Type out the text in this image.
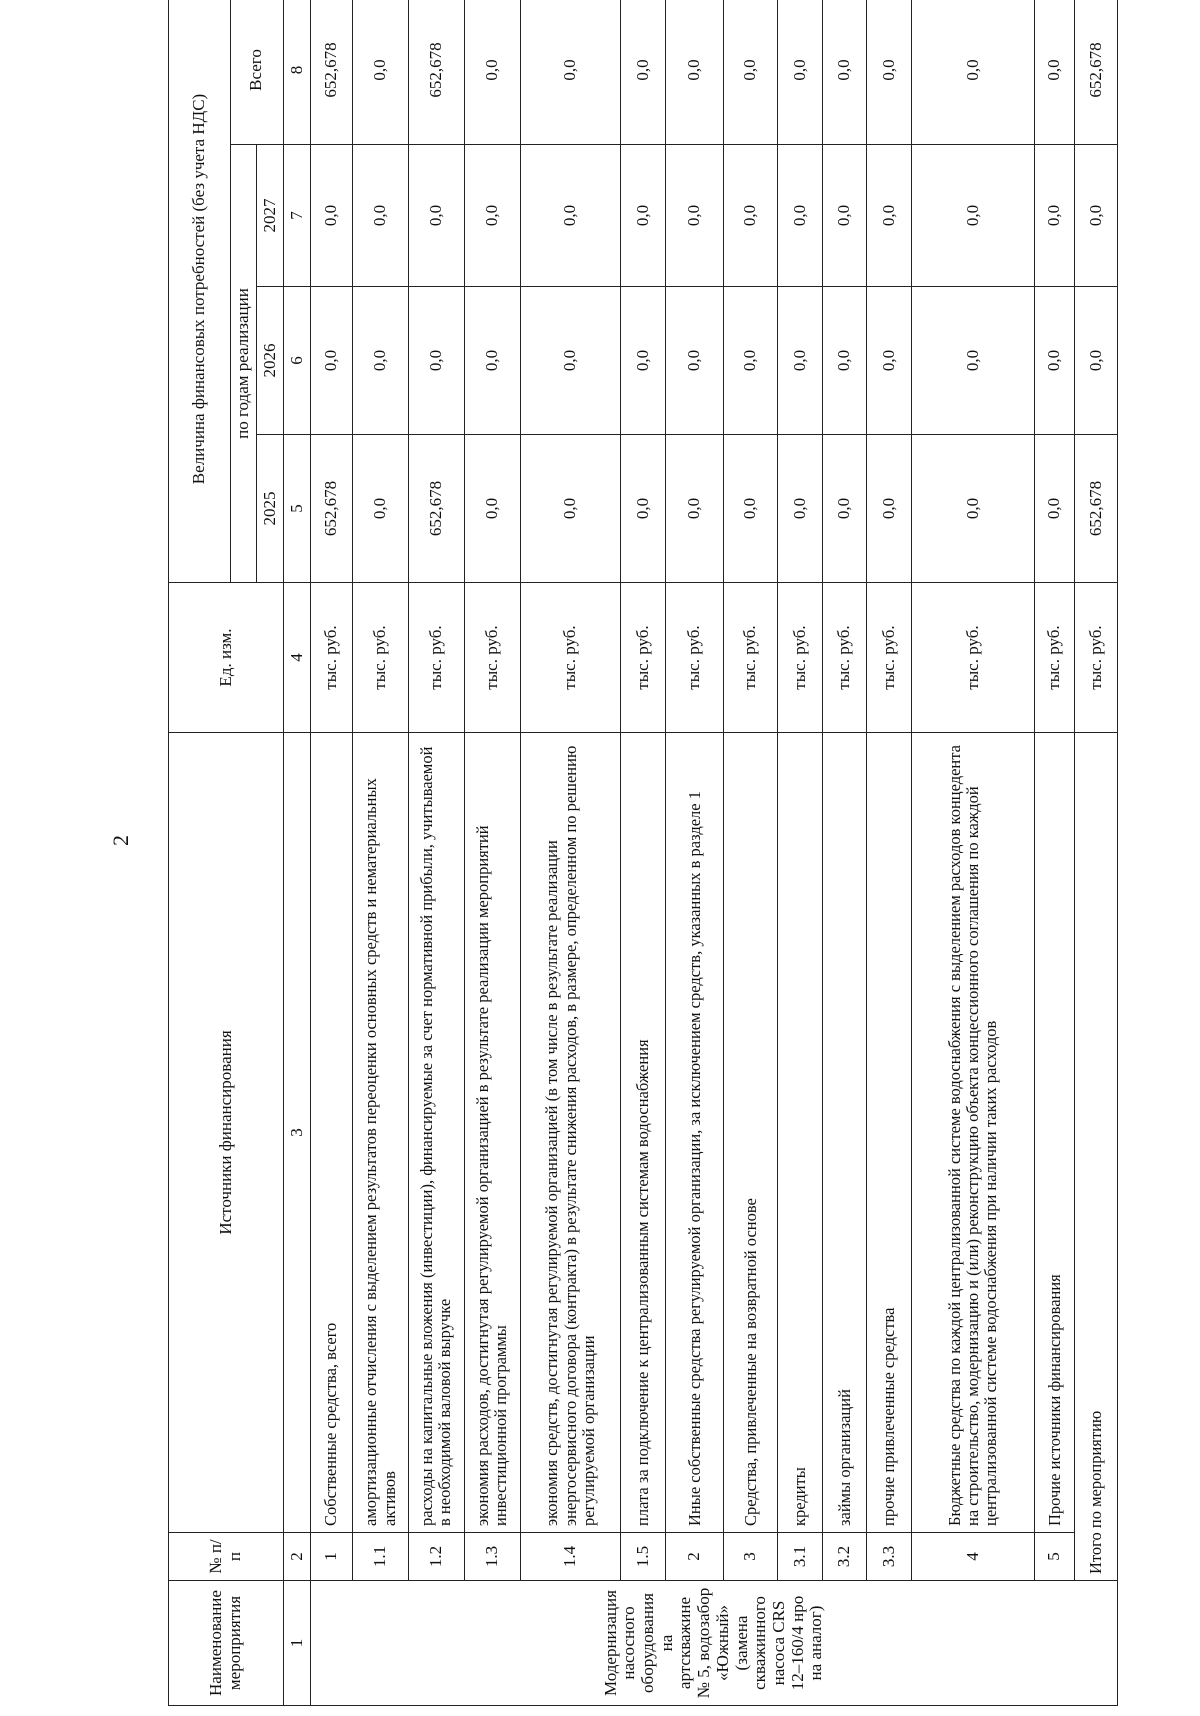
2
Наименование мероприятия	№ п/п	Источники финансирования	Ед. изм.	Величина финансовых потребностей (без учета НДС)			
				по годам реализации			Всего
				2025	2026	2027	
1	2	3	4	5	6	7	8
Модернизация насосного оборудования на артскважине № 5, водозабор «Южный» (замена скважинного насоса CRS 12–160/4 нро на аналог)	1	Собственные средства, всего	тыс. руб.	652,678	0,0	0,0	652,678
	1.1	амортизационные отчисления с выделением результатов переоценки основных средств и нематериальных активов	тыс. руб.	0,0	0,0	0,0	0,0
	1.2	расходы на капитальные вложения (инвестиции), финансируемые за счет нормативной прибыли, учитываемой в необходимой валовой выручке	тыс. руб.	652,678	0,0	0,0	652,678
	1.3	экономия расходов, достигнутая регулируемой организацией в результате реализации мероприятий инвестиционной программы	тыс. руб.	0,0	0,0	0,0	0,0
	1.4	экономия средств, достигнутая регулируемой организацией (в том числе в результате реализации энергосервисного договора (контракта) в результате снижения расходов, в размере, определенном по решению регулируемой организации	тыс. руб.	0,0	0,0	0,0	0,0
	1.5	плата за подключение к централизованным системам водоснабжения	тыс. руб.	0,0	0,0	0,0	0,0
	2	Иные собственные средства регулируемой организации, за исключением средств, указанных в разделе 1	тыс. руб.	0,0	0,0	0,0	0,0
	3	Средства, привлеченные на возвратной основе	тыс. руб.	0,0	0,0	0,0	0,0
	3.1	кредиты	тыс. руб.	0,0	0,0	0,0	0,0
	3.2	займы организаций	тыс. руб.	0,0	0,0	0,0	0,0
	3.3	прочие привлеченные средства	тыс. руб.	0,0	0,0	0,0	0,0
	4	Бюджетные средства по каждой централизованной системе водоснабжения с выделением расходов концедента на строительство, модернизацию и (или) реконструкцию объекта концессионного соглашения по каждой централизованной системе водоснабжения при наличии таких расходов	тыс. руб.	0,0	0,0	0,0	0,0
	5	Прочие источники финансирования	тыс. руб.	0,0	0,0	0,0	0,0
	Итого по мероприятию		тыс. руб.	652,678	0,0	0,0	652,678
